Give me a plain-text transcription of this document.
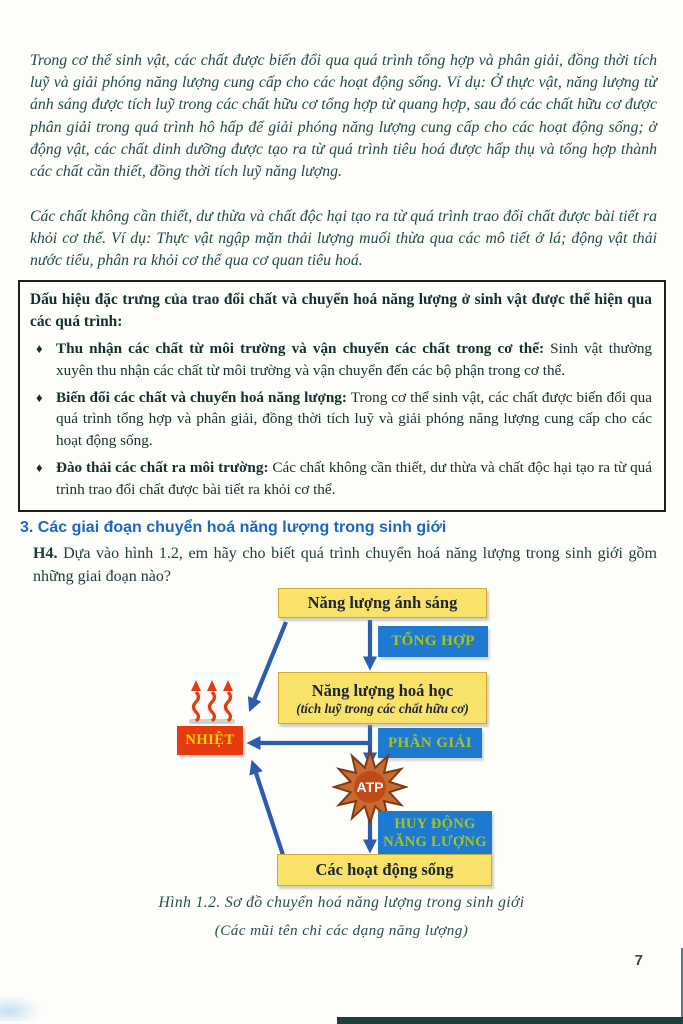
Trong cơ thể sinh vật, các chất được biến đổi qua quá trình tổng hợp và phân giải, đồng thời tích luỹ và giải phóng năng lượng cung cấp cho các hoạt động sống. Ví dụ: Ở thực vật, năng lượng từ ánh sáng được tích luỹ trong các chất hữu cơ tổng hợp từ quang hợp, sau đó các chất hữu cơ được phân giải trong quá trình hô hấp để giải phóng năng lượng cung cấp cho các hoạt động sống; ở động vật, các chất dinh dưỡng được tạo ra từ quá trình tiêu hoá được hấp thụ và tổng hợp thành các chất cần thiết, đồng thời tích luỹ năng lượng.

Các chất không cần thiết, dư thừa và chất độc hại tạo ra từ quá trình trao đổi chất được bài tiết ra khỏi cơ thể. Ví dụ: Thực vật ngập mặn thải lượng muối thừa qua các mô tiết ở lá; động vật thải nước tiểu, phân ra khỏi cơ thể qua cơ quan tiêu hoá.

Dấu hiệu đặc trưng của trao đổi chất và chuyển hoá năng lượng ở sinh vật được thể hiện qua các quá trình:
♦ Thu nhận các chất từ môi trường và vận chuyển các chất trong cơ thể: Sinh vật thường xuyên thu nhận các chất từ môi trường và vận chuyển đến các bộ phận trong cơ thể.
♦ Biến đổi các chất và chuyển hoá năng lượng: Trong cơ thể sinh vật, các chất được biến đổi qua quá trình tổng hợp và phân giải, đồng thời tích luỹ và giải phóng năng lượng cung cấp cho các hoạt động sống.
♦ Đào thải các chất ra môi trường: Các chất không cần thiết, dư thừa và chất độc hại tạo ra từ quá trình trao đổi chất được bài tiết ra khỏi cơ thể.
3. Các giai đoạn chuyển hoá năng lượng trong sinh giới

H4. Dựa vào hình 1.2, em hãy cho biết quá trình chuyển hoá năng lượng trong sinh giới gồm những giai đoạn nào?

Năng lượng ánh sáng
TỔNG HỢP
Năng lượng hoá học
(tích luỹ trong các chất hữu cơ)
NHIỆT	PHÂN GIẢI
ATP
HUY ĐỘNG
NĂNG LƯỢNG
Các hoạt động sống
Hình 1.2. Sơ đồ chuyển hoá năng lượng trong sinh giới
(Các mũi tên chỉ các dạng năng lượng)
7
